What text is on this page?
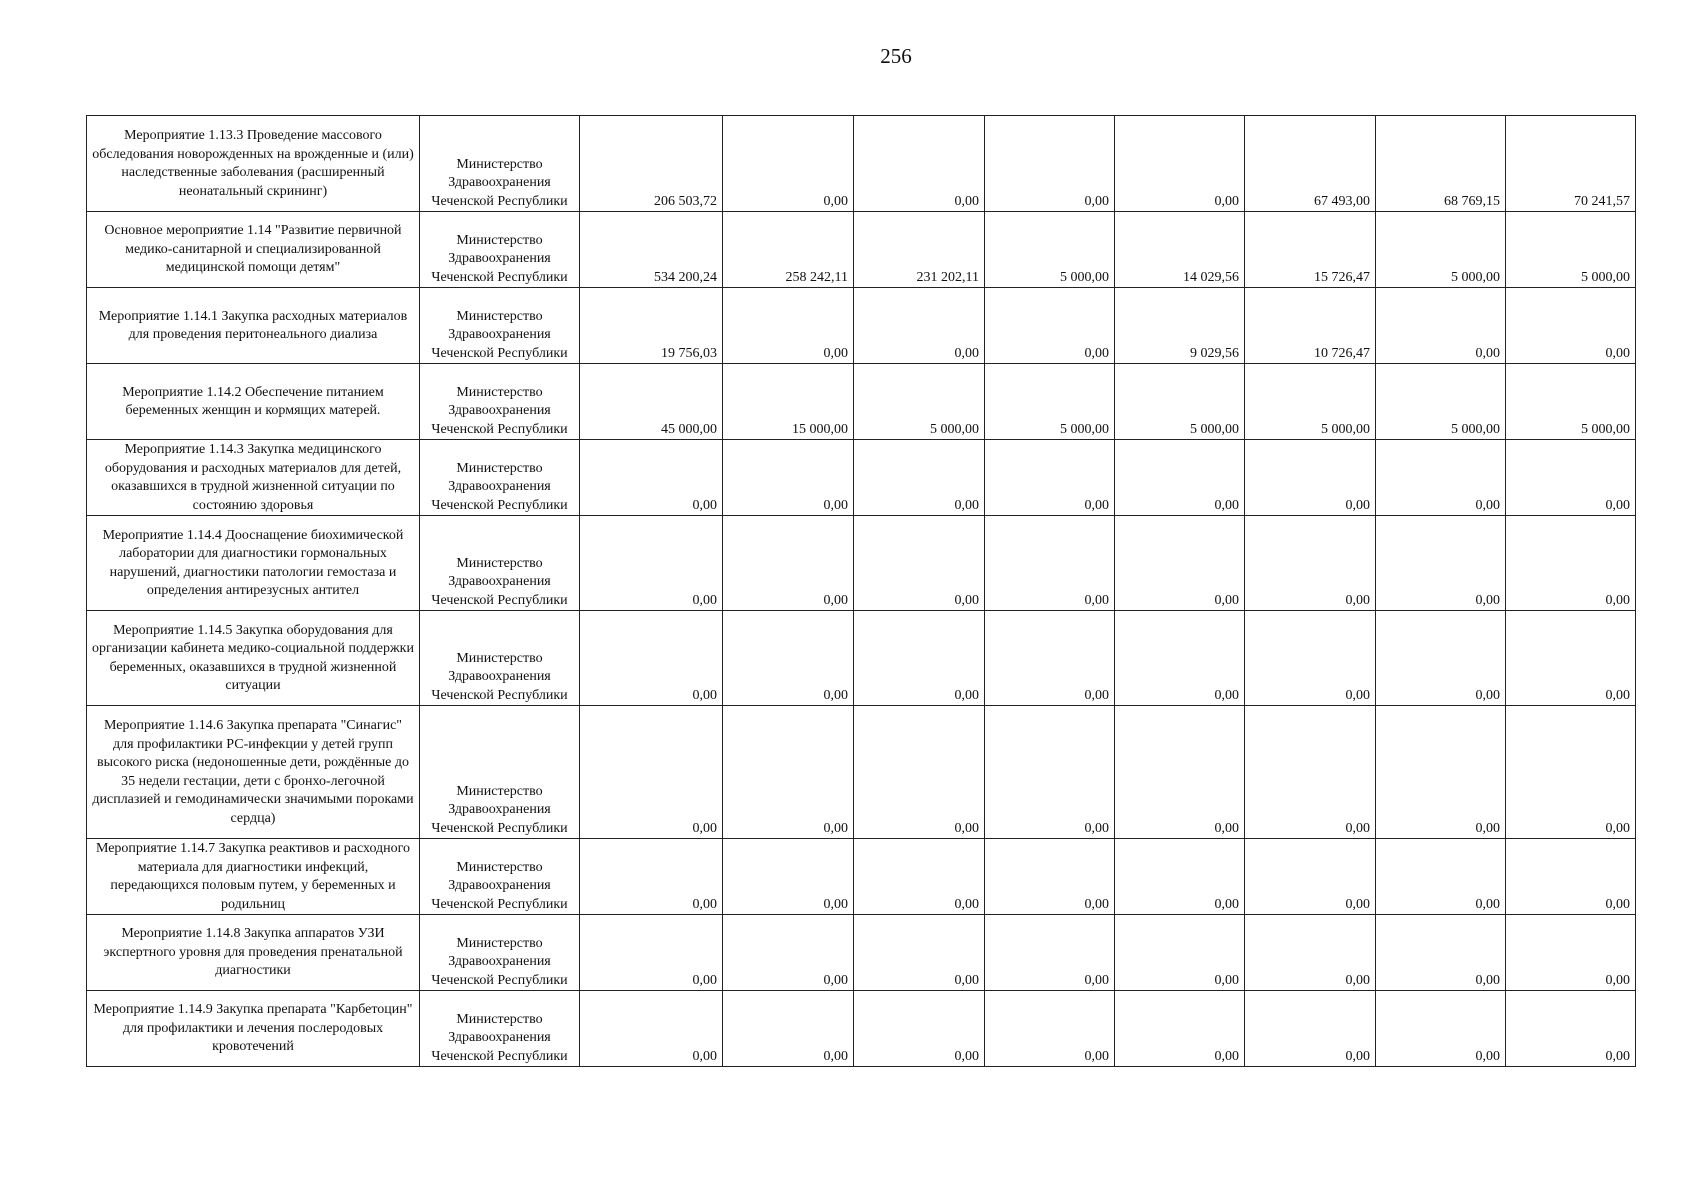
256
Мероприятие 1.13.3 Проведение массового обследования новорожденных на врожденные и (или) наследственные заболевания (расширенный неонатальный скрининг)	Министерство Здравоохранения Чеченской Республики	206 503,72	0,00	0,00	0,00	0,00	67 493,00	68 769,15	70 241,57
Основное мероприятие 1.14 "Развитие первичной медико-санитарной и специализированной медицинской помощи детям"	Министерство Здравоохранения Чеченской Республики	534 200,24	258 242,11	231 202,11	5 000,00	14 029,56	15 726,47	5 000,00	5 000,00
Мероприятие 1.14.1 Закупка расходных материалов для проведения перитонеального диализа	Министерство Здравоохранения Чеченской Республики	19 756,03	0,00	0,00	0,00	9 029,56	10 726,47	0,00	0,00
Мероприятие 1.14.2 Обеспечение питанием беременных женщин и кормящих матерей.	Министерство Здравоохранения Чеченской Республики	45 000,00	15 000,00	5 000,00	5 000,00	5 000,00	5 000,00	5 000,00	5 000,00
Мероприятие 1.14.3 Закупка медицинского оборудования и расходных материалов для детей, оказавшихся в трудной жизненной ситуации по состоянию здоровья	Министерство Здравоохранения Чеченской Республики	0,00	0,00	0,00	0,00	0,00	0,00	0,00	0,00
Мероприятие 1.14.4 Дооснащение биохимической лаборатории для диагностики гормональных нарушений, диагностики патологии гемостаза и определения антирезусных антител	Министерство Здравоохранения Чеченской Республики	0,00	0,00	0,00	0,00	0,00	0,00	0,00	0,00
Мероприятие 1.14.5 Закупка оборудования для организации кабинета медико-социальной поддержки беременных, оказавшихся в трудной жизненной ситуации	Министерство Здравоохранения Чеченской Республики	0,00	0,00	0,00	0,00	0,00	0,00	0,00	0,00
Мероприятие 1.14.6 Закупка препарата "Синагис" для профилактики РС-инфекции у детей групп высокого риска (недоношенные дети, рождённые до 35 недели гестации, дети с бронхо-легочной дисплазией и гемодинамически значимыми пороками сердца)	Министерство Здравоохранения Чеченской Республики	0,00	0,00	0,00	0,00	0,00	0,00	0,00	0,00
Мероприятие 1.14.7 Закупка реактивов и расходного материала для диагностики инфекций, передающихся половым путем, у беременных и родильниц	Министерство Здравоохранения Чеченской Республики	0,00	0,00	0,00	0,00	0,00	0,00	0,00	0,00
Мероприятие 1.14.8 Закупка аппаратов УЗИ экспертного уровня для проведения пренатальной диагностики	Министерство Здравоохранения Чеченской Республики	0,00	0,00	0,00	0,00	0,00	0,00	0,00	0,00
Мероприятие 1.14.9 Закупка препарата "Карбетоцин" для профилактики и лечения послеродовых кровотечений	Министерство Здравоохранения Чеченской Республики	0,00	0,00	0,00	0,00	0,00	0,00	0,00	0,00
